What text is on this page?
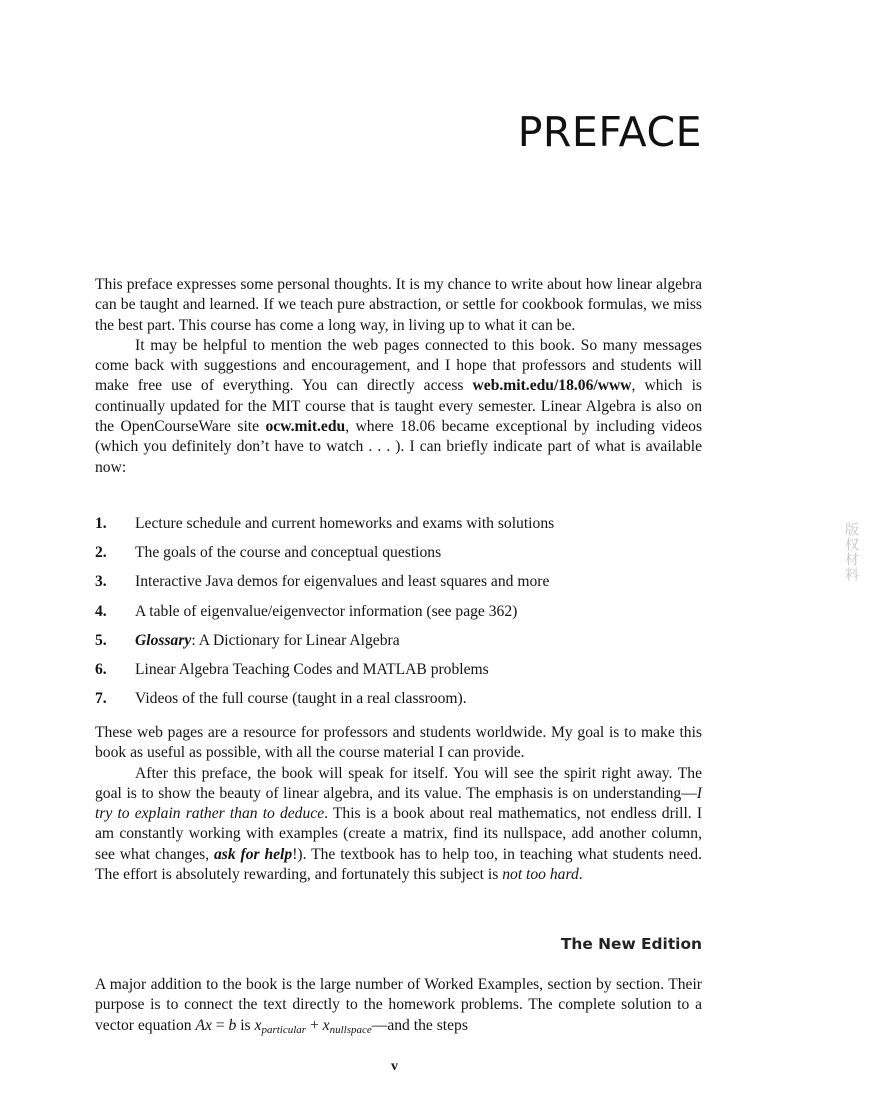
PREFACE

This preface expresses some personal thoughts. It is my chance to write about how linear algebra can be taught and learned. If we teach pure abstraction, or settle for cookbook formulas, we miss the best part. This course has come a long way, in living up to what it can be.

It may be helpful to mention the web pages connected to this book. So many messages come back with suggestions and encouragement, and I hope that professors and students will make free use of everything. You can directly access web.mit.edu/18.06/www, which is continually updated for the MIT course that is taught every semester. Linear Algebra is also on the OpenCourseWare site ocw.mit.edu, where 18.06 became exceptional by including videos (which you definitely don’t have to watch . . . ). I can briefly indicate part of what is available now:

1.	Lecture schedule and current homeworks and exams with solutions
2.	The goals of the course and conceptual questions
3.	Interactive Java demos for eigenvalues and least squares and more
4.	A table of eigenvalue/eigenvector information (see page 362)
5.	Glossary: A Dictionary for Linear Algebra
6.	Linear Algebra Teaching Codes and MATLAB problems
7.	Videos of the full course (taught in a real classroom).

These web pages are a resource for professors and students worldwide. My goal is to make this book as useful as possible, with all the course material I can provide.

After this preface, the book will speak for itself. You will see the spirit right away. The goal is to show the beauty of linear algebra, and its value. The emphasis is on understanding—I try to explain rather than to deduce. This is a book about real mathematics, not endless drill. I am constantly working with examples (create a matrix, find its nullspace, add another column, see what changes, ask for help!). The textbook has to help too, in teaching what students need. The effort is absolutely rewarding, and fortunately this subject is not too hard.

The New Edition

A major addition to the book is the large number of Worked Examples, section by section. Their purpose is to connect the text directly to the homework problems. The complete solution to a vector equation Ax = b is $x_{particular}$ + $x_{nullspace}—and$ the steps

v
版权材料
